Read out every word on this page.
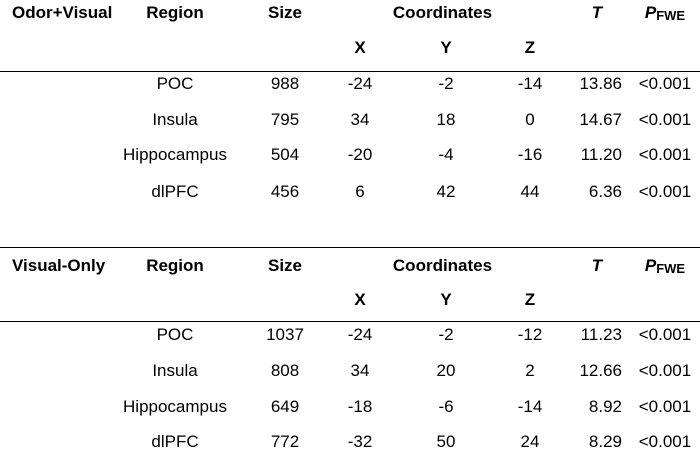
Odor+Visual	Region	Size	Coordinates	T	PFWE
X	Y	Z
POC	988	-24	-2	-14	13.86 <0.001
Insula	795	34	18	0	14.67 <0.001
Hippocampus	504	-20	-4	-16	11.20 <0.001
dlPFC	456	6	42	44	6.36 <0.001
Visual-Only	Region	Size	Coordinates	T	PFWE
X	Y	Z
POC	1037	-24	-2	-12	11.23 <0.001
Insula	808	34	20	2	12.66 <0.001
Hippocampus	649	-18	-6	-14	8.92 <0.001
dlPFC	772	-32	50	24	8.29 <0.001
